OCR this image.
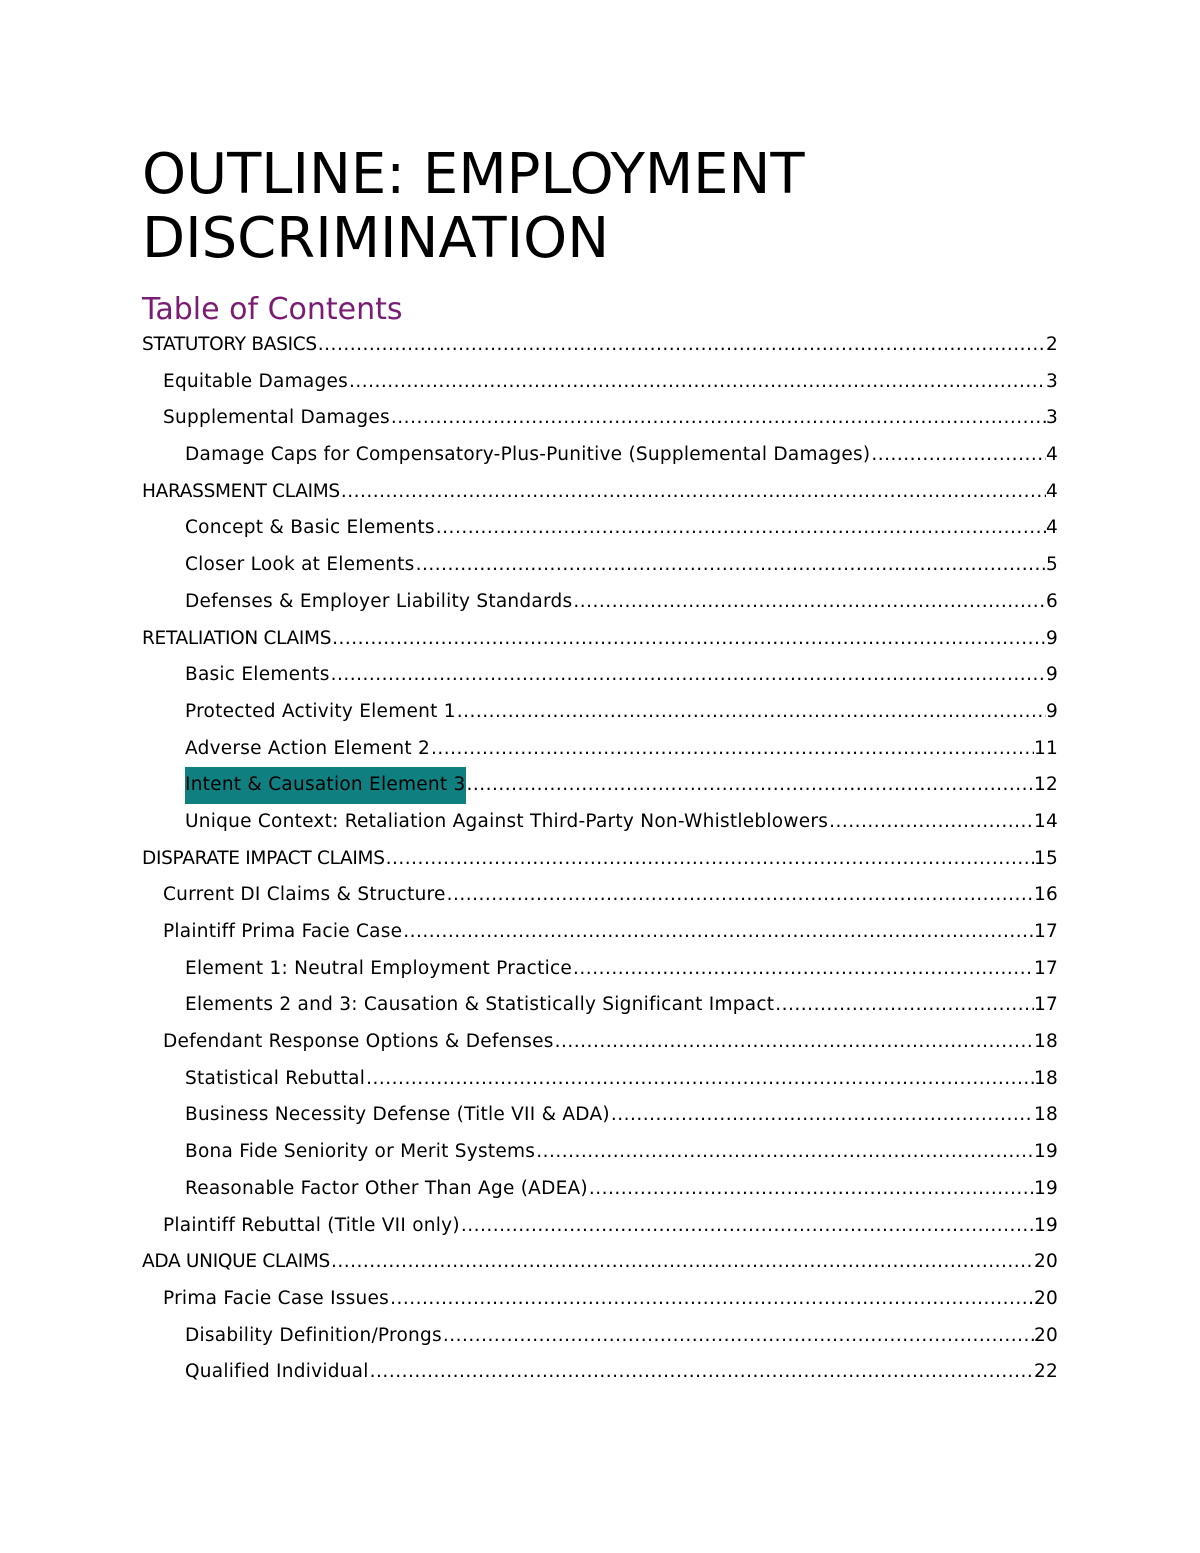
OUTLINE: EMPLOYMENT
DISCRIMINATION
Table of Contents
STATUTORY BASICS .....	2
Equitable Damages .....	3
Supplemental Damages .....	3
Damage Caps for Compensatory-Plus-Punitive (Supplemental Damages) .....	4
HARASSMENT CLAIMS .....	4
Concept & Basic Elements .....	4
Closer Look at Elements .....	5
Defenses & Employer Liability Standards .....	6
RETALIATION CLAIMS .....	9
Basic Elements .....	9
Protected Activity Element 1 .....	9
Adverse Action Element 2 .....	11
Intent & Causation Element 3 .....	12
Unique Context: Retaliation Against Third-Party Non-Whistleblowers .....	14
DISPARATE IMPACT CLAIMS .....	15
Current DI Claims & Structure .....	16
Plaintiff Prima Facie Case .....	17
Element 1: Neutral Employment Practice .....	17
Elements 2 and 3: Causation & Statistically Significant Impact .....	17
Defendant Response Options & Defenses .....	18
Statistical Rebuttal .....	18
Business Necessity Defense (Title VII & ADA) .....	18
Bona Fide Seniority or Merit Systems .....	19
Reasonable Factor Other Than Age (ADEA) .....	19
Plaintiff Rebuttal (Title VII only) .....	19
ADA UNIQUE CLAIMS .....	20
Prima Facie Case Issues .....	20
Disability Definition/Prongs .....	20
Qualified Individual .....	22
